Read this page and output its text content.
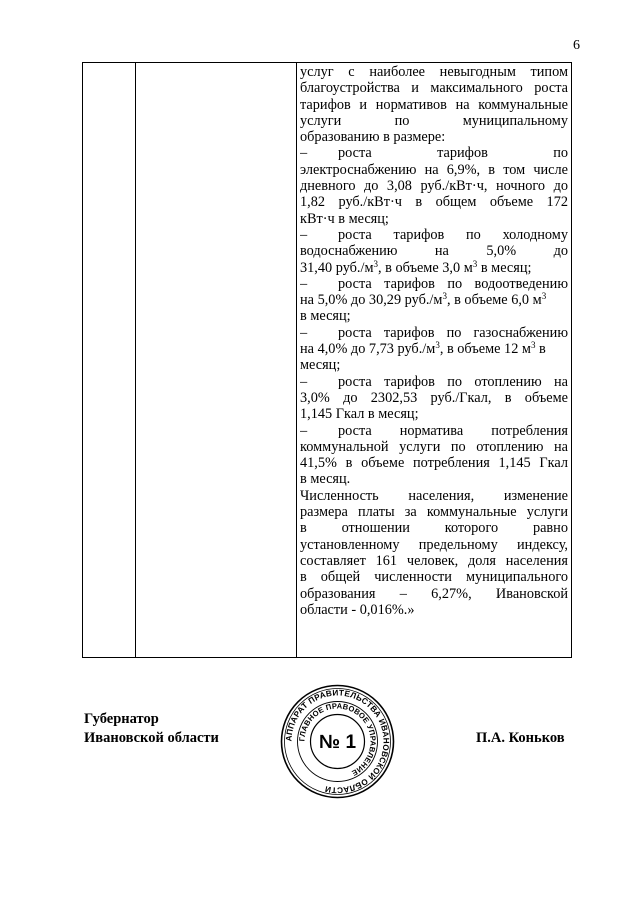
6
услуг с наиболее невыгодным типом
благоустройства и максимального роста
тарифов и нормативов на коммунальные
услуги по муниципальному
образованию в размере:
– роста тарифов по
электроснабжению на 6,9%, в том числе
дневного до 3,08 руб./кВт·ч, ночного до
1,82 руб./кВт·ч в общем объеме 172
кВт·ч в месяц;
– роста тарифов по холодному
водоснабжению на 5,0% до
31,40 $руб./м^3$, в объеме 3,0 $м^3$ в месяц;
– роста тарифов по водоотведению
на 5,0% до 30,29 $руб./м^3$, в объеме 6,0 $м^3$
в месяц;
– роста тарифов по газоснабжению
на 4,0% до 7,73 $руб./м^3$, в объеме 12 $м^3$ в
месяц;
– роста тарифов по отоплению на
3,0% до 2302,53 руб./Гкал, в объеме
1,145 Гкал в месяц;
– роста норматива потребления
коммунальной услуги по отоплению на
41,5% в объеме потребления 1,145 Гкал
в месяц.
Численность населения, изменение
размера платы за коммунальные услуги
в отношении которого равно
установленному предельному индексу,
составляет 161 человек, доля населения
в общей численности муниципального
образования – 6,27%, Ивановской
области - 0,016%.»
Губернатор
Ивановской области	АППАРАТ ПРАВИТЕЛЬСТВА ИВАНОВСКОЙ ОБЛАСТИ
ГЛАВНОЕ ПРАВОВОЕ УПРАВЛЕНИЕ
№ 1	П.А. Коньков
